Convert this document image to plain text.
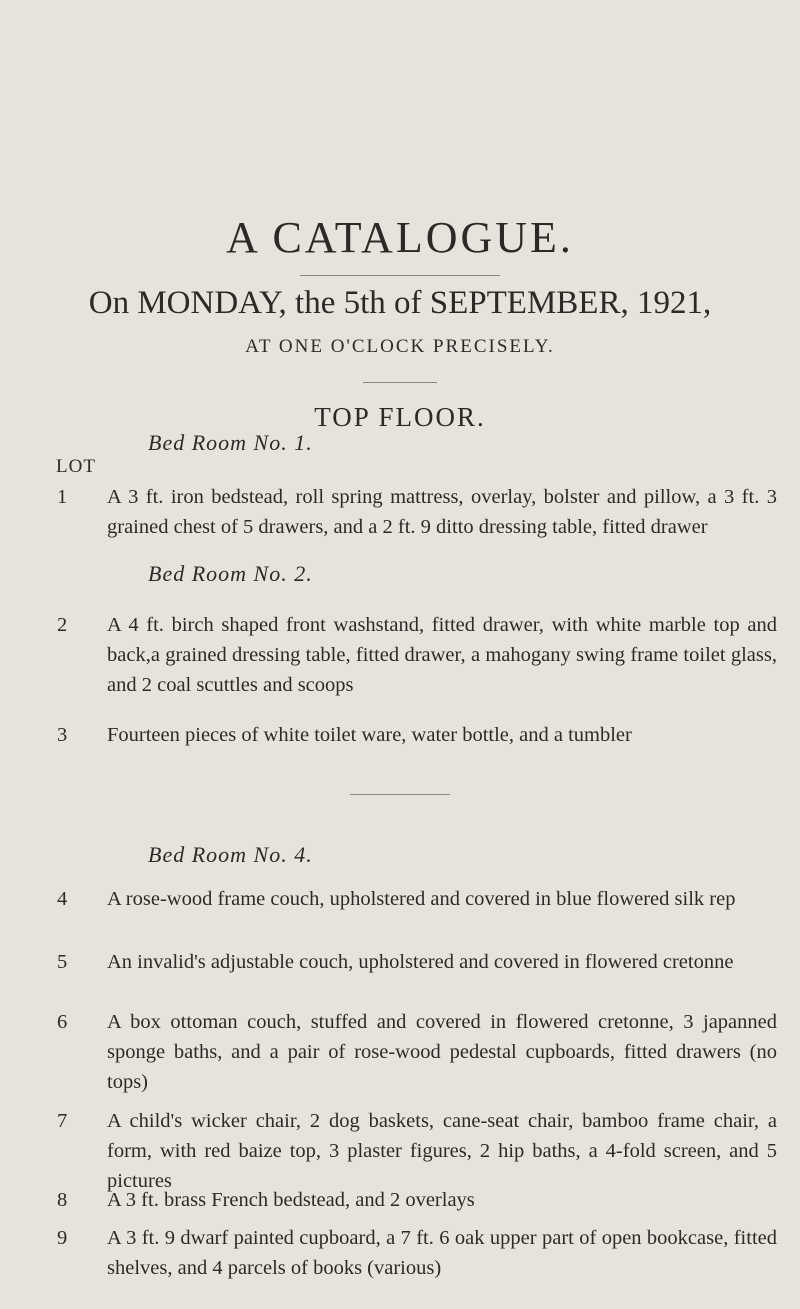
A CATALOGUE.
On MONDAY, the 5th of SEPTEMBER, 1921,
AT ONE O'CLOCK PRECISELY.
TOP FLOOR.
Bed Room No. 1.
Bed Room No. 2.
Bed Room No. 4.
LOT
1	A 3 ft. iron bedstead, roll spring mattress, overlay, bolster and pillow, a 3 ft. 3 grained chest of 5 drawers, and a 2 ft. 9 ditto dressing table, fitted drawer
2	A 4 ft. birch shaped front washstand, fitted drawer, with white marble top and back,a grained dressing table, fitted drawer, a mahogany swing frame toilet glass, and 2 coal scuttles and scoops
3	Fourteen pieces of white toilet ware, water bottle, and a tumbler
4	A rose-wood frame couch, upholstered and covered in blue flowered silk rep
5	An invalid's adjustable couch, upholstered and covered in flowered cretonne
6	A box ottoman couch, stuffed and covered in flowered cretonne, 3 japanned sponge baths, and a pair of rose-wood pedestal cupboards, fitted drawers (no tops)
7	A child's wicker chair, 2 dog baskets, cane-seat chair, bamboo frame chair, a form, with red baize top, 3 plaster figures, 2 hip baths, a 4-fold screen, and 5 pictures
8	A 3 ft. brass French bedstead, and 2 overlays
9	A 3 ft. 9 dwarf painted cupboard, a 7 ft. 6 oak upper part of open bookcase, fitted shelves, and 4 parcels of books (various)
